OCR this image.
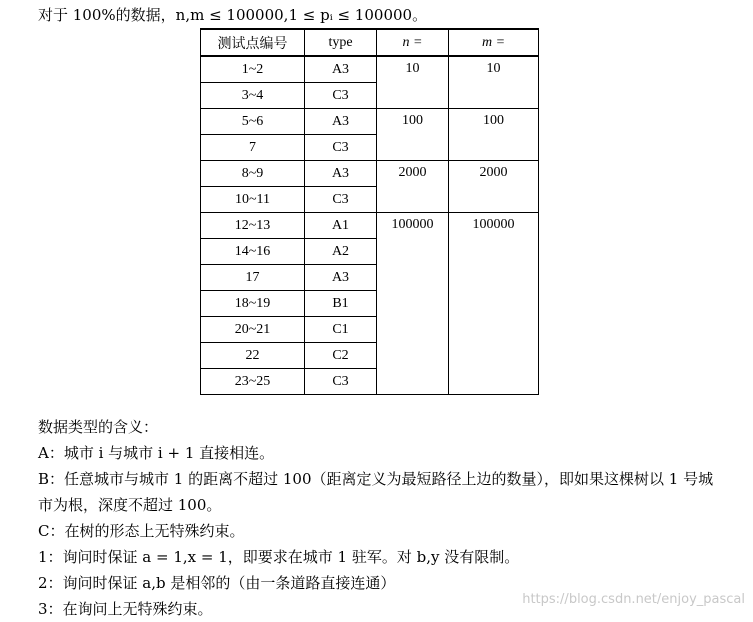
对于 100%的数据，n,m ≤ 100000,1 ≤ pᵢ ≤ 100000。
测试点编号	type	n =	m =
1~2	A3	10	10
3~4	C3		
5~6	A3	100	100
7	C3		
8~9	A3	2000	2000
10~11	C3		
12~13	A1	100000	100000
14~16	A2		
17	A3		
18~19	B1		
20~21	C1		
22	C2		
23~25	C3		

数据类型的含义：

A：城市 i 与城市 i + 1 直接相连。

B：任意城市与城市 1 的距离不超过 100（距离定义为最短路径上边的数量），即如果这棵树以 1 号城市为根，深度不超过 100。

C：在树的形态上无特殊约束。

1：询问时保证 a = 1,x = 1，即要求在城市 1 驻军。对 b,y 没有限制。

2：询问时保证 a,b 是相邻的（由一条道路直接连通）

3：在询问上无特殊约束。

https://blog.csdn.net/enjoy_pascal
